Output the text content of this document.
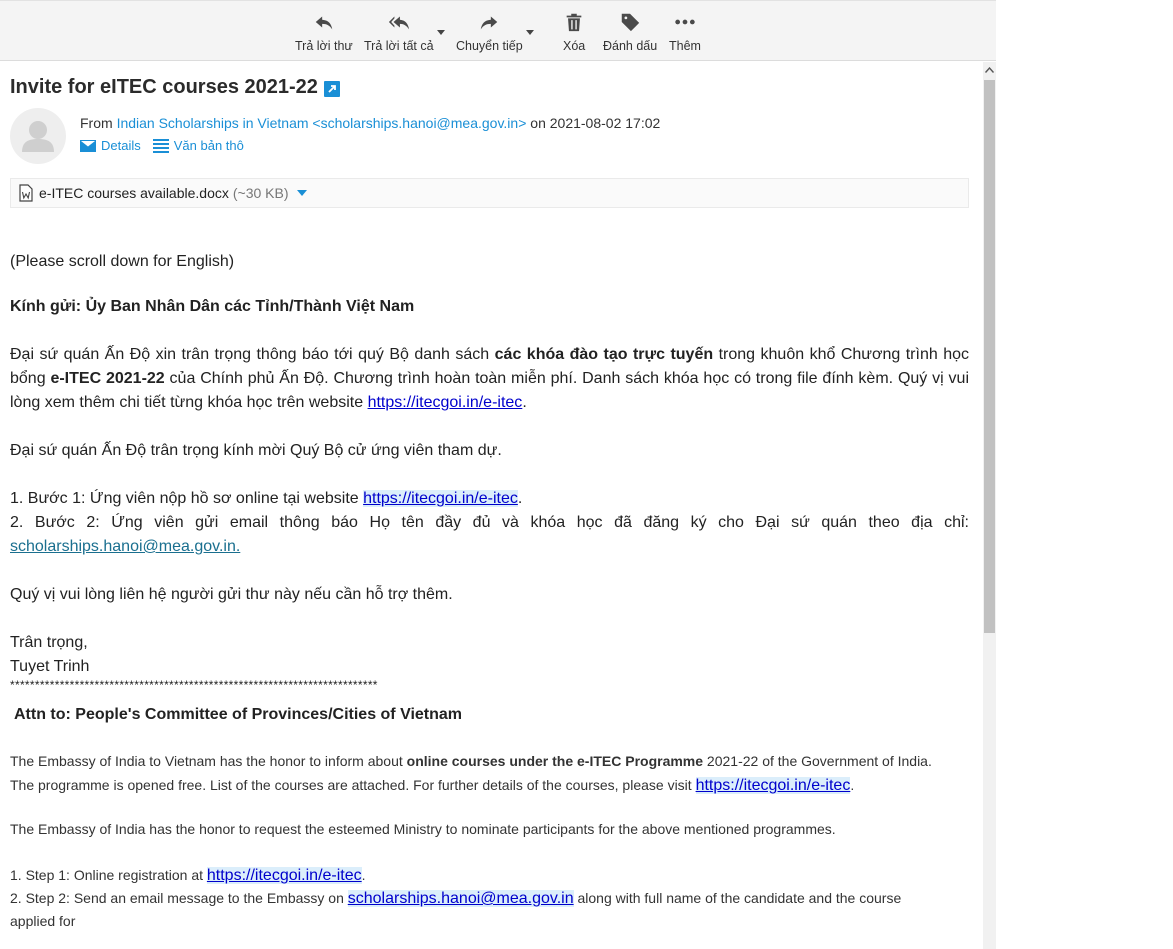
Trả lời thư Trả lời tất cả Chuyển tiếp	Xóa Đánh dấu Thêm
Invite for eITEC courses 2021-22
From Indian Scholarships in Vietnam <scholarships.hanoi@mea.gov.in> on 2021-08-02 17:02
Details	Văn bản thô
e-ITEC courses available.docx (~30 KB)
(Please scroll down for English)
Kính gửi: Ủy Ban Nhân Dân các Tỉnh/Thành Việt Nam
Đại sứ quán Ấn Độ xin trân trọng thông báo tới quý Bộ danh sách các khóa đào tạo trực tuyến trong khuôn khổ Chương trình học bổng e-ITEC 2021-22 của Chính phủ Ấn Độ. Chương trình hoàn toàn miễn phí. Danh sách khóa học có trong file đính kèm. Quý vị vui lòng xem thêm chi tiết từng khóa học trên website https://itecgoi.in/e-itec.
Đại sứ quán Ấn Độ trân trọng kính mời Quý Bộ cử ứng viên tham dự.
1. Bước 1: Ứng viên nộp hồ sơ online tại website https://itecgoi.in/e-itec.
2. Bước 2: Ứng viên gửi email thông báo Họ tên đầy đủ và khóa học đã đăng ký cho Đại sứ quán theo địa chỉ: scholarships.hanoi@mea.gov.in.
Quý vị vui lòng liên hệ người gửi thư này nếu cần hỗ trợ thêm.
Trân trọng,
Tuyet Trinh
**************************************************************************
Attn to: People's Committee of Provinces/Cities of Vietnam
The Embassy of India to Vietnam has the honor to inform about online courses under the e-ITEC Programme 2021-22 of the Government of India. The programme is opened free. List of the courses are attached. For further details of the courses, please visit https://itecgoi.in/e-itec.
The Embassy of India has the honor to request the esteemed Ministry to nominate participants for the above mentioned programmes.
1. Step 1: Online registration at https://itecgoi.in/e-itec.
2. Step 2: Send an email message to the Embassy on scholarships.hanoi@mea.gov.in along with full name of the candidate and the course applied for
